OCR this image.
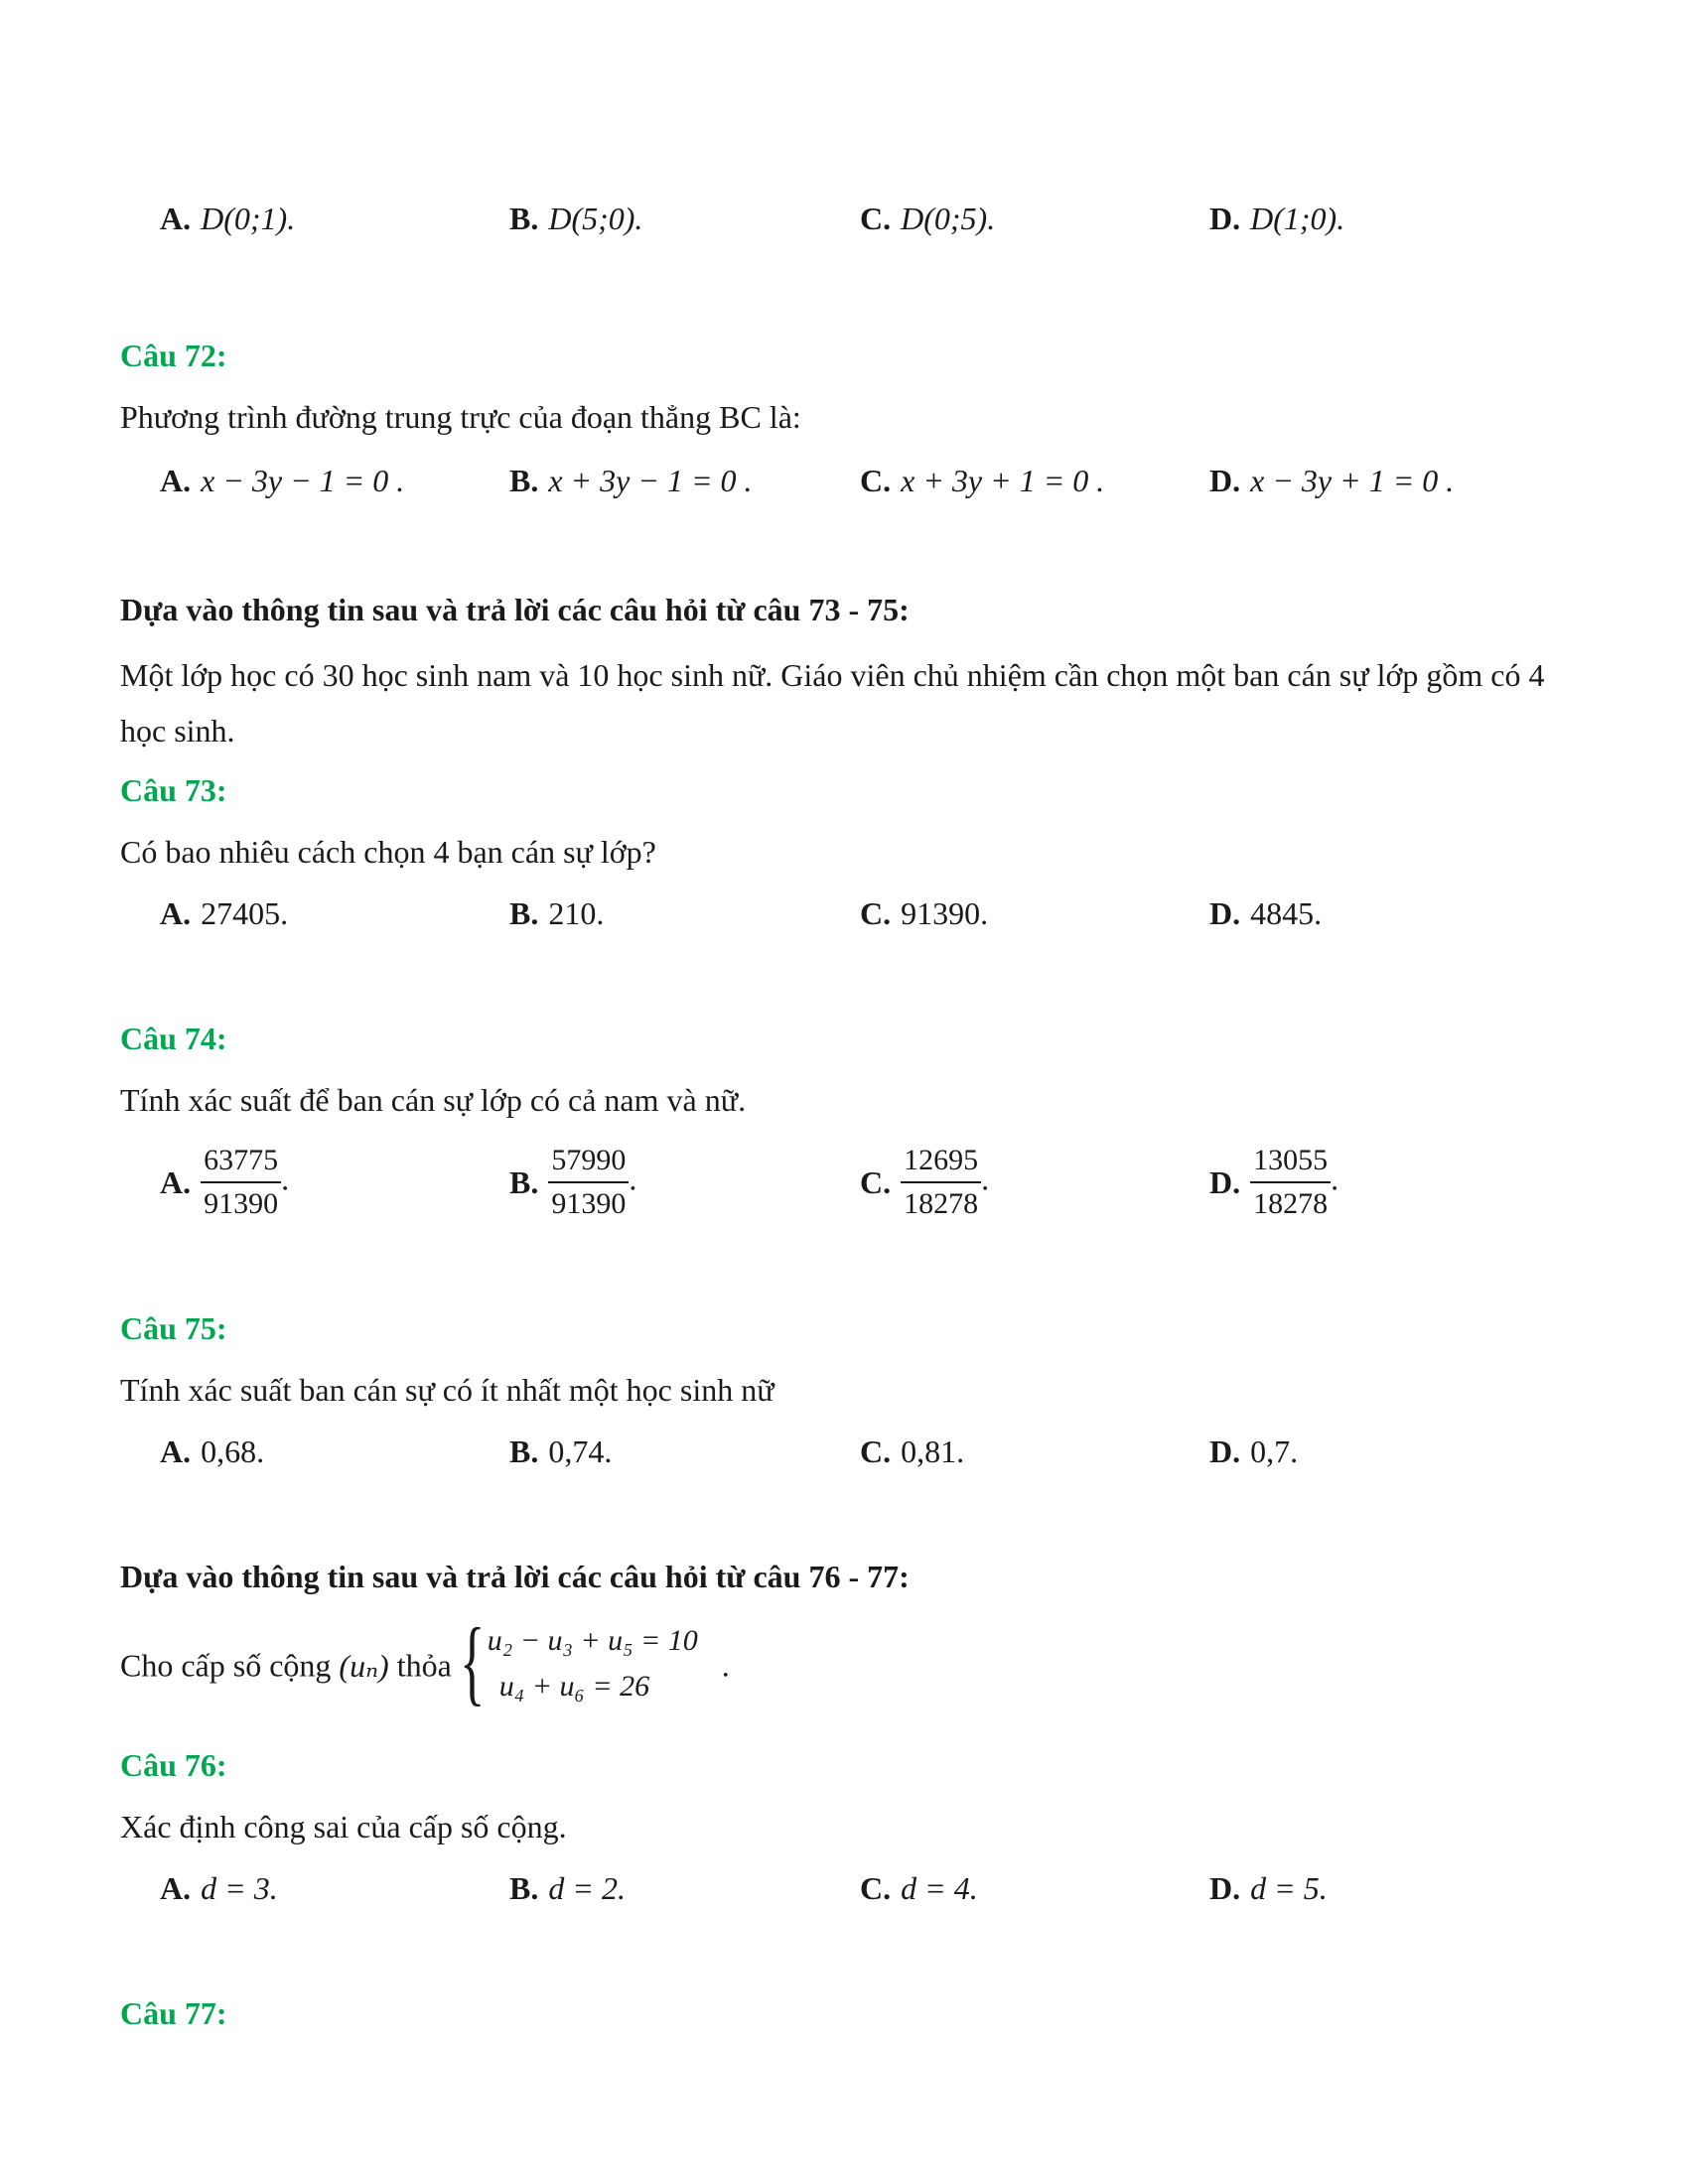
A. D(0;1).	B. D(5;0).	C. D(0;5).	D. D(1;0).
Câu 72:
Phương trình đường trung trực của đoạn thẳng BC là:
A. x − 3y − 1 = 0 .	B. x + 3y − 1 = 0 .	C. x + 3y + 1 = 0 .	D. x − 3y + 1 = 0 .
Dựa vào thông tin sau và trả lời các câu hỏi từ câu 73 - 75:
Một lớp học có 30 học sinh nam và 10 học sinh nữ. Giáo viên chủ nhiệm cần chọn một ban cán sự lớp gồm có 4 học sinh.
Câu 73:
Có bao nhiêu cách chọn 4 bạn cán sự lớp?
A. 27405.	B. 210.	C. 91390.	D. 4845.
Câu 74:
Tính xác suất để ban cán sự lớp có cả nam và nữ.
A. $\frac{63775}{91390}$ .	B. $\frac{57990}{91390}$ .	C. $\frac{12695}{18278}$ .	D. $\frac{13055}{18278}$ .
Câu 75:
Tính xác suất ban cán sự có ít nhất một học sinh nữ
A. 0,68.	B. 0,74.	C. 0,81.	D. 0,7.
Dựa vào thông tin sau và trả lời các câu hỏi từ câu 76 - 77:
Cho cấp số cộng (uₙ) thỏa { u₂ − u₃ + u₅ = 10
u₄ + u₆ = 26
.
Câu 76:
Xác định công sai của cấp số cộng.
A. d = 3.	B. d = 2.	C. d = 4.	D. d = 5.
Câu 77:
